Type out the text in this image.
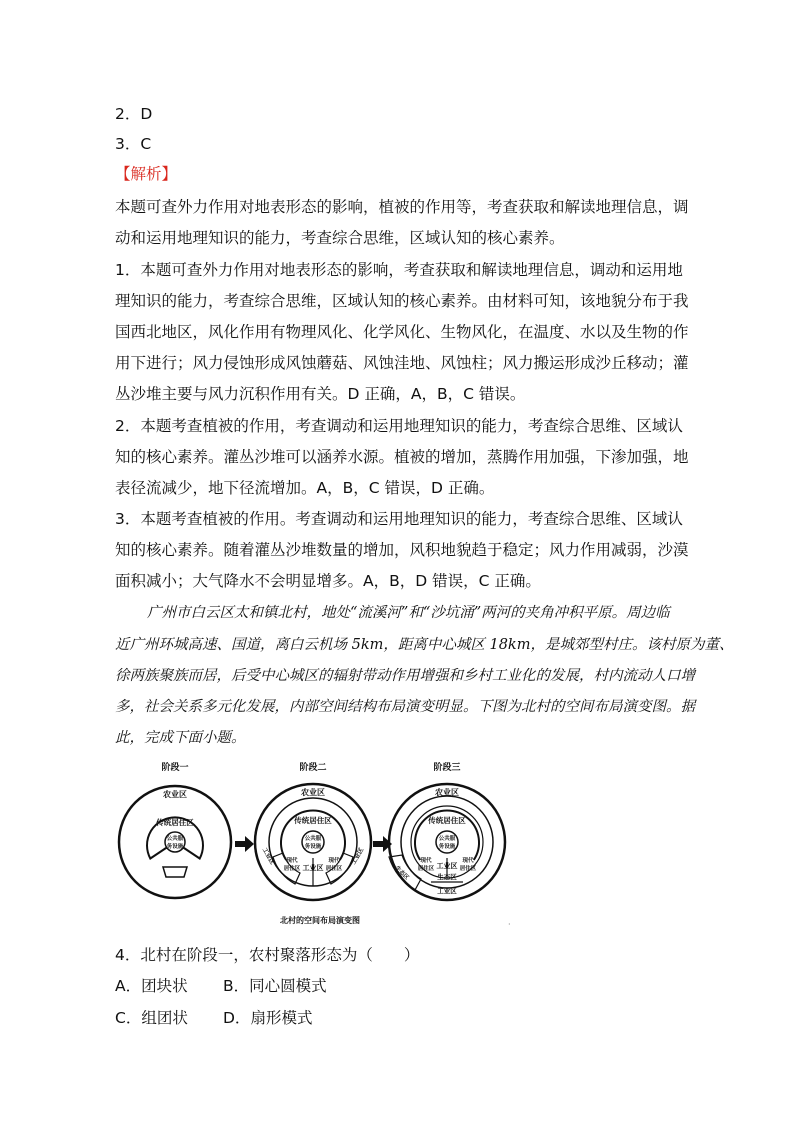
2．D
3．C
【解析】
本题可查外力作用对地表形态的影响，植被的作用等，考查获取和解读地理信息，调
动和运用地理知识的能力，考查综合思维，区域认知的核心素养。
1．本题可查外力作用对地表形态的影响，考查获取和解读地理信息，调动和运用地
理知识的能力，考查综合思维，区域认知的核心素养。由材料可知，该地貌分布于我
国西北地区，风化作用有物理风化、化学风化、生物风化，在温度、水以及生物的作
用下进行；风力侵蚀形成风蚀蘑菇、风蚀洼地、风蚀柱；风力搬运形成沙丘移动；灌
丛沙堆主要与风力沉积作用有关。D 正确，A，B，C 错误。
2．本题考查植被的作用，考查调动和运用地理知识的能力，考查综合思维、区域认
知的核心素养。灌丛沙堆可以涵养水源。植被的增加，蒸腾作用加强，下渗加强，地
表径流减少，地下径流增加。A，B，C 错误，D 正确。
3．本题考查植被的作用。考查调动和运用地理知识的能力，考查综合思维、区域认
知的核心素养。随着灌丛沙堆数量的增加，风积地貌趋于稳定；风力作用减弱，沙漠
面积减小；大气降水不会明显增多。A，B，D 错误，C 正确。
广州市白云区太和镇北村，地处“流溪河”和“沙坑涌”两河的夹角冲积平原。周边临
近广州环城高速、国道，离白云机场 5km，距离中心城区 18km，是城郊型村庄。该村原为董、
徐两族聚族而居，后受中心城区的辐射带动作用增强和乡村工业化的发展，村内流动人口增
多，社会关系多元化发展，内部空间结构布局演变明显。下图为北村的空间布局演变图。据
此，完成下面小题。
阶段一
农业区
传统居住区
公共服
务设施
阶段二
农业区
传统居住区
公共服
务设施
工业区
工业区	工业区
现代
居住区
现代
居住区
阶段三
农业区
传统居住区
公共服
务设施
工业区
生态区
工业区
生态区
现代
居住区
现代
居住区
北村的空间布局演变图	·
4．北村在阶段一，农村聚落形态为（　　）
A．团块状 B．同心圆模式
C．组团状 D．扇形模式
